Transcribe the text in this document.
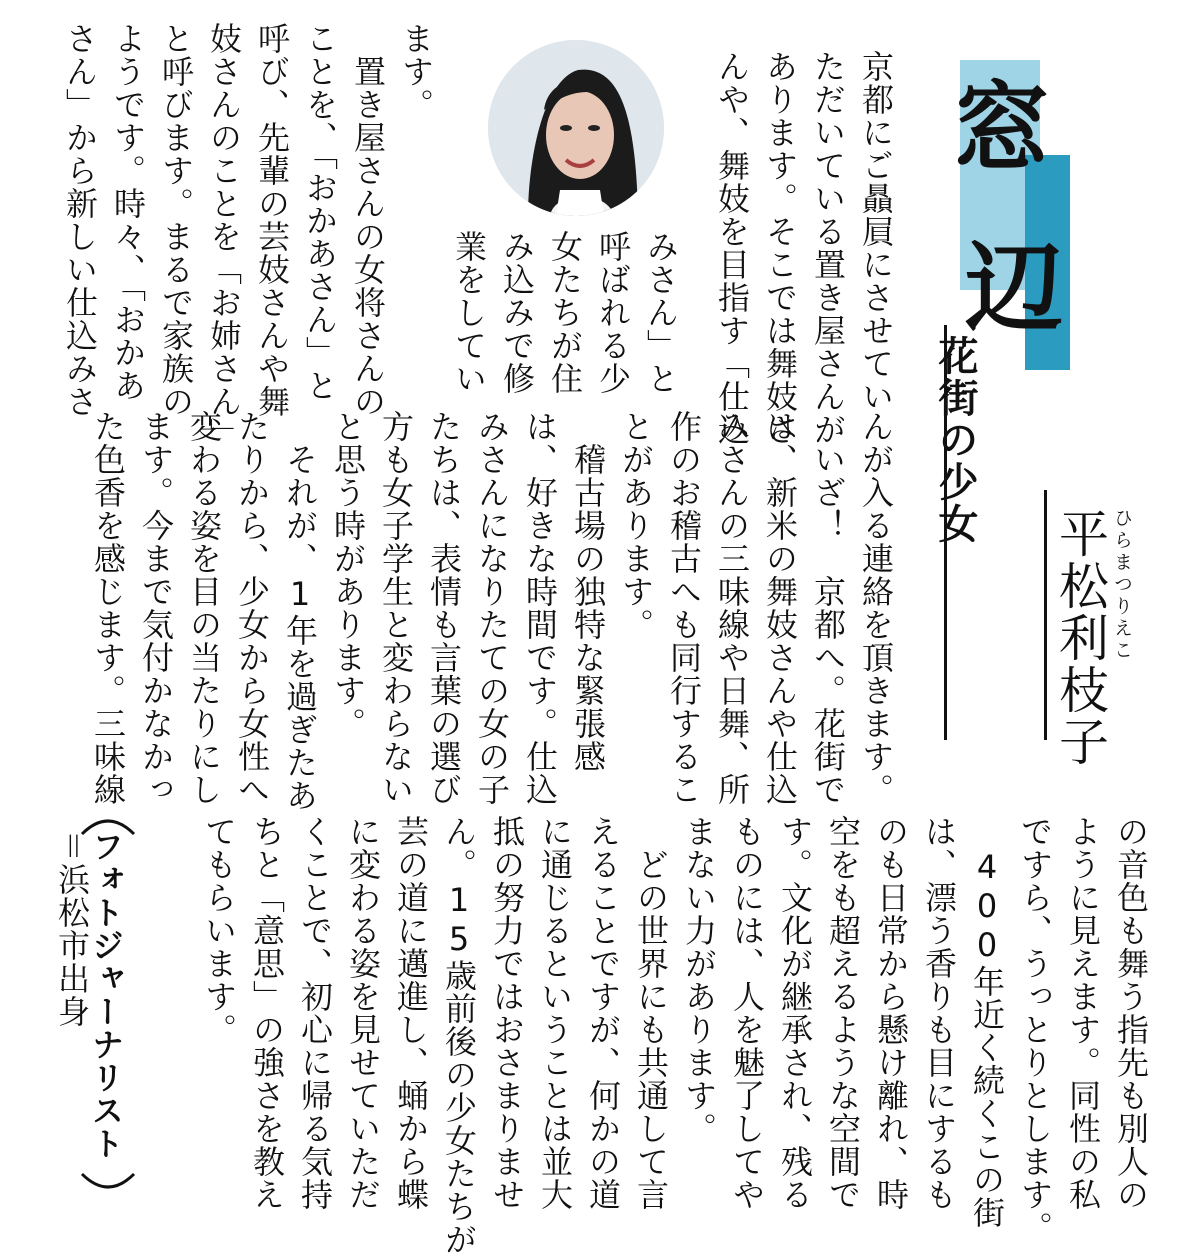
窓
辺
花街の少女
平松利枝子 ひらまつりえこ
京都にご贔屓にさせてい
ただいている置き屋さんが
あります。そこでは舞妓さ
んや、舞妓を目指す「仕込
みさん」と
呼ばれる少
女たちが住
み込みで修
業をしてい
ます。
　置き屋さんの女将さんの
ことを、「おかあさん」と
呼び、先輩の芸妓さんや舞
妓さんのことを「お姉さん」
と呼びます。まるで家族の
ようです。時々、「おかあ
さん」から新しい仕込みさ
んが入る連絡を頂きます。
　いざ！　京都へ。花街で
は、新米の舞妓さんや仕込
みさんの三味線や日舞、所
作のお稽古へも同行するこ
とがあります。
　稽古場の独特な緊張感
は、好きな時間です。仕込
みさんになりたての女の子
たちは、表情も言葉の選び
方も女子学生と変わらない
と思う時があります。
　それが、1年を過ぎたあ
たりから、少女から女性へ
変わる姿を目の当たりにし
ます。今まで気付かなかっ
た色香を感じます。三味線
の音色も舞う指先も別人の
ように見えます。同性の私
ですら、うっとりとします。
　400年近く続くこの街
は、漂う香りも目にするも
のも日常から懸け離れ、時
空をも超えるような空間で
す。文化が継承され、残る
ものには、人を魅了してや
まない力があります。
　どの世界にも共通して言
えることですが、何かの道
に通じるということは並大
抵の努力ではおさまりませ
ん。15歳前後の少女たちが
芸の道に邁進し、蛹から蝶
に変わる姿を見せていただ
くことで、初心に帰る気持
ちと「意思」の強さを教え
てもらいます。
フォトジャーナリスト
＝浜松市出身
